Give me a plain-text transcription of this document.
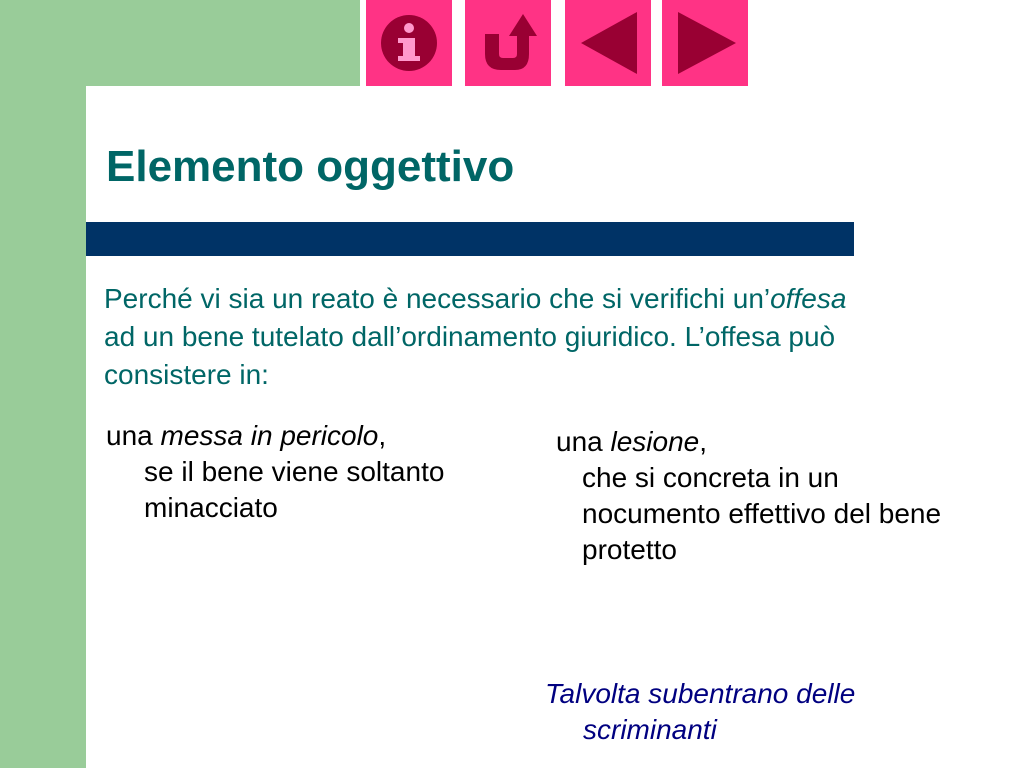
Elemento oggettivo
Perché vi sia un reato è necessario che si verifichi un’offesa ad un bene tutelato dall’ordinamento giuridico. L’offesa può consistere in:
una messa in pericolo,
se il bene viene soltanto minacciato
una lesione,
che si concreta in un nocumento effettivo del bene protetto
Talvolta subentrano delle
scriminanti
